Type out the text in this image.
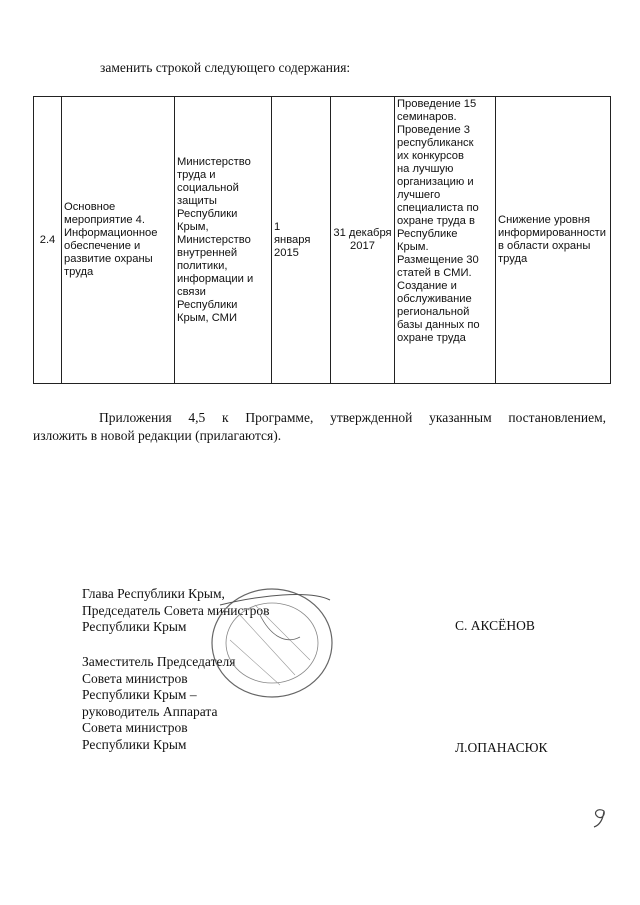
заменить строкой следующего содержания:
2.4	Основное мероприятие 4. Информационное обеспечение и развитие охраны труда	Министерство
труда и
социальной
защиты
Республики
Крым,
Министерство
внутренней
политики,
информации и
связи
Республики
Крым, СМИ	1
января
2015	31 декабря
2017	Проведение 15
семинаров.
Проведение 3
республиканск
их конкурсов
на лучшую
организацию и
лучшего
специалиста по
охране труда в
Республике
Крым.
Размещение 30
статей в СМИ.
Создание и
обслуживание
региональной
базы данных по
охране труда	Снижение уровня информированности в области охраны труда
Приложения 4,5 к Программе, утвержденной указанным постановлением,
изложить в новой редакции (прилагаются).
Глава Республики Крым,
Председатель Совета министров
Республики Крым	С. АКСЁНОВ
Заместитель Председателя
Совета министров
Республики Крым –
руководитель Аппарата
Совета министров
Республики Крым	Л.ОПАНАСЮК
